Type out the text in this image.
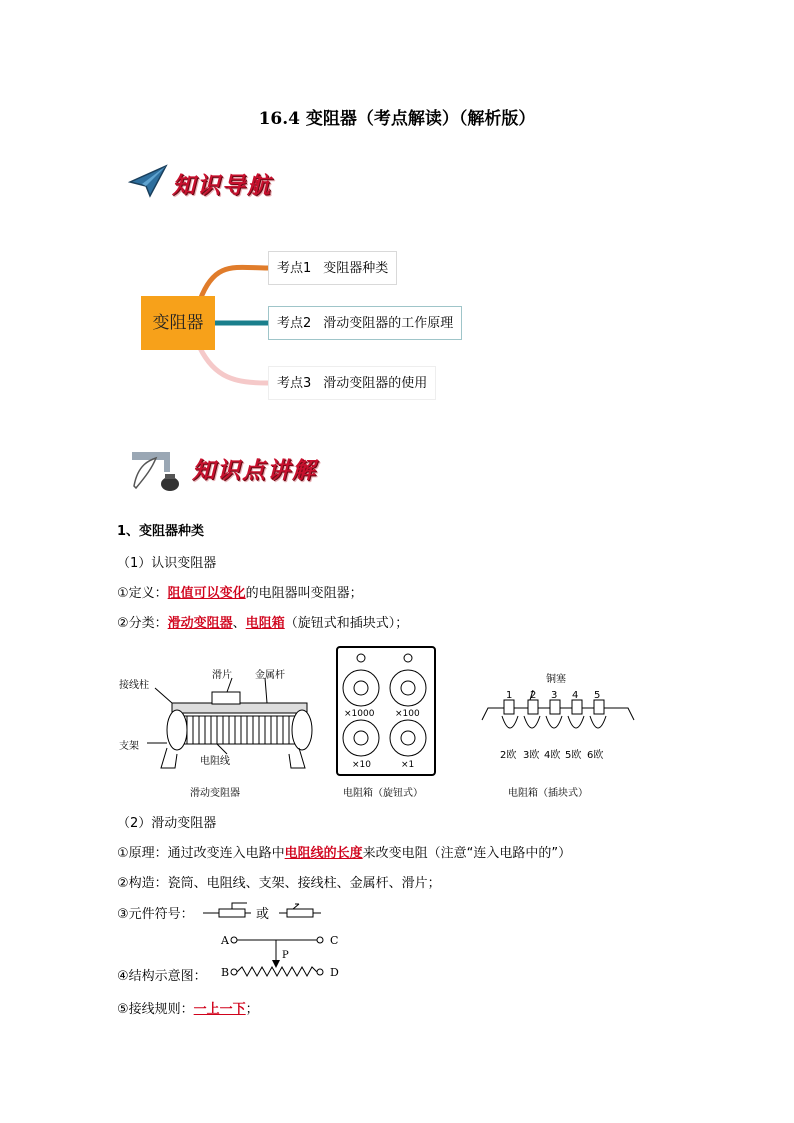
16.4 变阻器（考点解读）（解析版）
知识导航
变阻器
考点1 变阻器种类
考点2 滑动变阻器的工作原理
考点3 滑动变阻器的使用
知识点讲解
1、变阻器种类
（1）认识变阻器
①定义：阻值可以变化的电阻器叫变阻器；
②分类：滑动变阻器、电阻箱（旋钮式和插块式）；
接线柱
滑片 金属杆
支架
电阻线
滑动变阻器
×1000 ×100
×10	×1
电阻箱（旋钮式）
铜塞
1 2 3 4 5
2欧 3欧 4欧 5欧 6欧
电阻箱（插块式）
（2）滑动变阻器
①原理：通过改变连入电路中电阻线的长度来改变电阻（注意“连入电路中的”）
②构造：瓷筒、电阻线、支架、接线柱、金属杆、滑片；
③元件符号：	或
④结构示意图：
A	C
B	D
P
⑤接线规则：一上一下；
